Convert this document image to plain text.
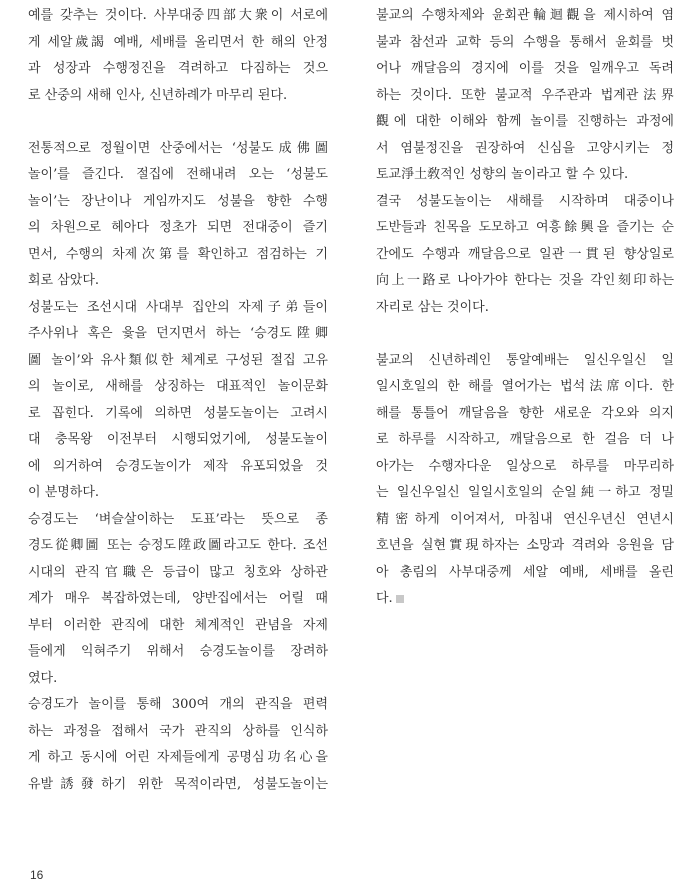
예를 갖추는 것이다. 사부대중四部大衆이 서로에
게 세알歲謁 예배, 세배를 올리면서 한 해의 안정
과 성장과 수행정진을 격려하고 다짐하는 것으
로 산중의 새해 인사, 신년하례가 마무리 된다.
전통적으로 정월이면 산중에서는 ‘성불도成佛圖
놀이’를 즐긴다. 절집에 전해내려 오는 ‘성불도
놀이’는 장난이나 게임까지도 성불을 향한 수행
의 차원으로 헤아다 정초가 되면 전대중이 즐기
면서, 수행의 차제次第를 확인하고 점검하는 기
회로 삼았다.
성불도는 조선시대 사대부 집안의 자제子弟들이
주사위나 혹은 윷을 던지면서 하는 ‘승경도陞卿
圖 놀이’와 유사類似한 체계로 구성된 절집 고유
의 놀이로, 새해를 상징하는 대표적인 놀이문화
로 꼽힌다. 기록에 의하면 성불도놀이는 고려시
대 충목왕 이전부터 시행되었기에, 성불도놀이
에 의거하여 승경도놀이가 제작 유포되었을 것
이 분명하다.
승경도는 ‘벼슬살이하는 도표’라는 뜻으로 종
경도從卿圖 또는 승정도陞政圖라고도 한다. 조선
시대의 관직官職은 등급이 많고 칭호와 상하관
계가 매우 복잡하였는데, 양반집에서는 어릴 때
부터 이러한 관직에 대한 체계적인 관념을 자제
들에게 익혀주기 위해서 승경도놀이를 장려하
였다.
승경도가 놀이를 통해 300여 개의 관직을 편력
하는 과정을 접해서 국가 관직의 상하를 인식하
게 하고 동시에 어린 자제들에게 공명심功名心을
유발誘發하기 위한 목적이라면, 성불도놀이는
불교의 수행차제와 윤회관輪迴觀을 제시하여 염
불과 참선과 교학 등의 수행을 통해서 윤회를 벗
어나 깨달음의 경지에 이를 것을 일깨우고 독려
하는 것이다. 또한 불교적 우주관과 법계관法界
觀에 대한 이해와 함께 놀이를 진행하는 과정에
서 염불정진을 권장하여 신심을 고양시키는 정
토교淨土敎적인 성향의 놀이라고 할 수 있다.
결국 성불도놀이는 새해를 시작하며 대중이나
도반들과 친목을 도모하고 여흥餘興을 즐기는 순
간에도 수행과 깨달음으로 일관一貫된 향상일로
向上一路로 나아가야 한다는 것을 각인刻印하는
자리로 삼는 것이다.
불교의 신년하례인 통알예배는 일신우일신 일
일시호일의 한 해를 열어가는 법석法席이다. 한
해를 통틀어 깨달음을 향한 새로운 각오와 의지
로 하루를 시작하고, 깨달음으로 한 걸음 더 나
아가는 수행자다운 일상으로 하루를 마무리하
는 일신우일신 일일시호일의 순일純一하고 정밀
精密하게 이어져서, 마침내 연신우년신 연년시
호년을 실현實現하자는 소망과 격려와 응원을 담
아 총림의 사부대중께 세알 예배, 세배를 올린
다.
16
